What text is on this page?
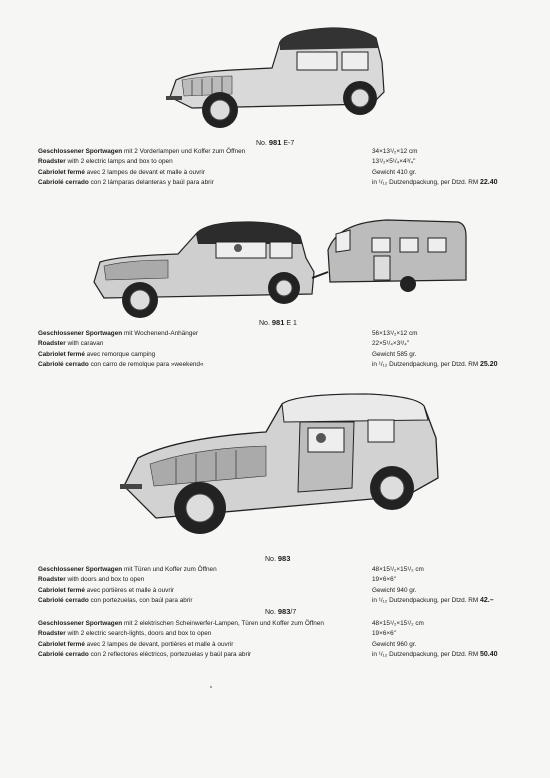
No. 981 E-7
Geschlossener Sportwagen mit 2 Vorderlampen und Koffer zum Öffnen	34×13¹/₂×12 cm
Roadster with 2 electric lamps and box to open	13¹/₂×5¹/₄×4³/₄"
Cabriolet fermé avec 2 lampes de devant et malle à ouvrir	Gewicht 410 gr.
Cabriolé cerrado con 2 lámparas delanteras y baúl para abrir	in ¹/₁₂ Dutzendpackung, per Dtzd. RM 22.40
No. 981 E 1
Geschlossener Sportwagen mit Wochenend-Anhänger	56×13¹/₂×12 cm
Roadster with caravan	22×5¹/₄×3³/₄"
Cabriolet fermé avec remorque camping	Gewicht 585 gr.
Cabriolé cerrado con carro de remolque para »weekend«	in ¹/₁₂ Dutzendpackung, per Dtzd. RM 25.20
No. 983
Geschlossener Sportwagen mit Türen und Koffer zum Öffnen	48×15¹/₂×15¹/₂ cm
Roadster with doors and box to open	19×6×6"
Cabriolet fermé avec portières et malle à ouvrir	Gewicht 940 gr.
Cabriolé cerrado con portezuelas, con baúl para abrir	in ¹/₁₂ Dutzendpackung, per Dtzd. RM 42.–
No. 983/7
Geschlossener Sportwagen mit 2 elektrischen Scheinwerfer-Lampen, Türen und Koffer zum Öffnen	48×15¹/₂×15¹/₂ cm
Roadster with 2 electric search-lights, doors and box to open	19×6×6"
Cabriolet fermé avec 2 lampes de devant, portières et malle à ouvrir	Gewicht 960 gr.
Cabriolé cerrado con 2 reflectores eléctricos, portezuelas y baúl para abrir	in ¹/₁₂ Dutzendpackung, per Dtzd. RM 50.40
